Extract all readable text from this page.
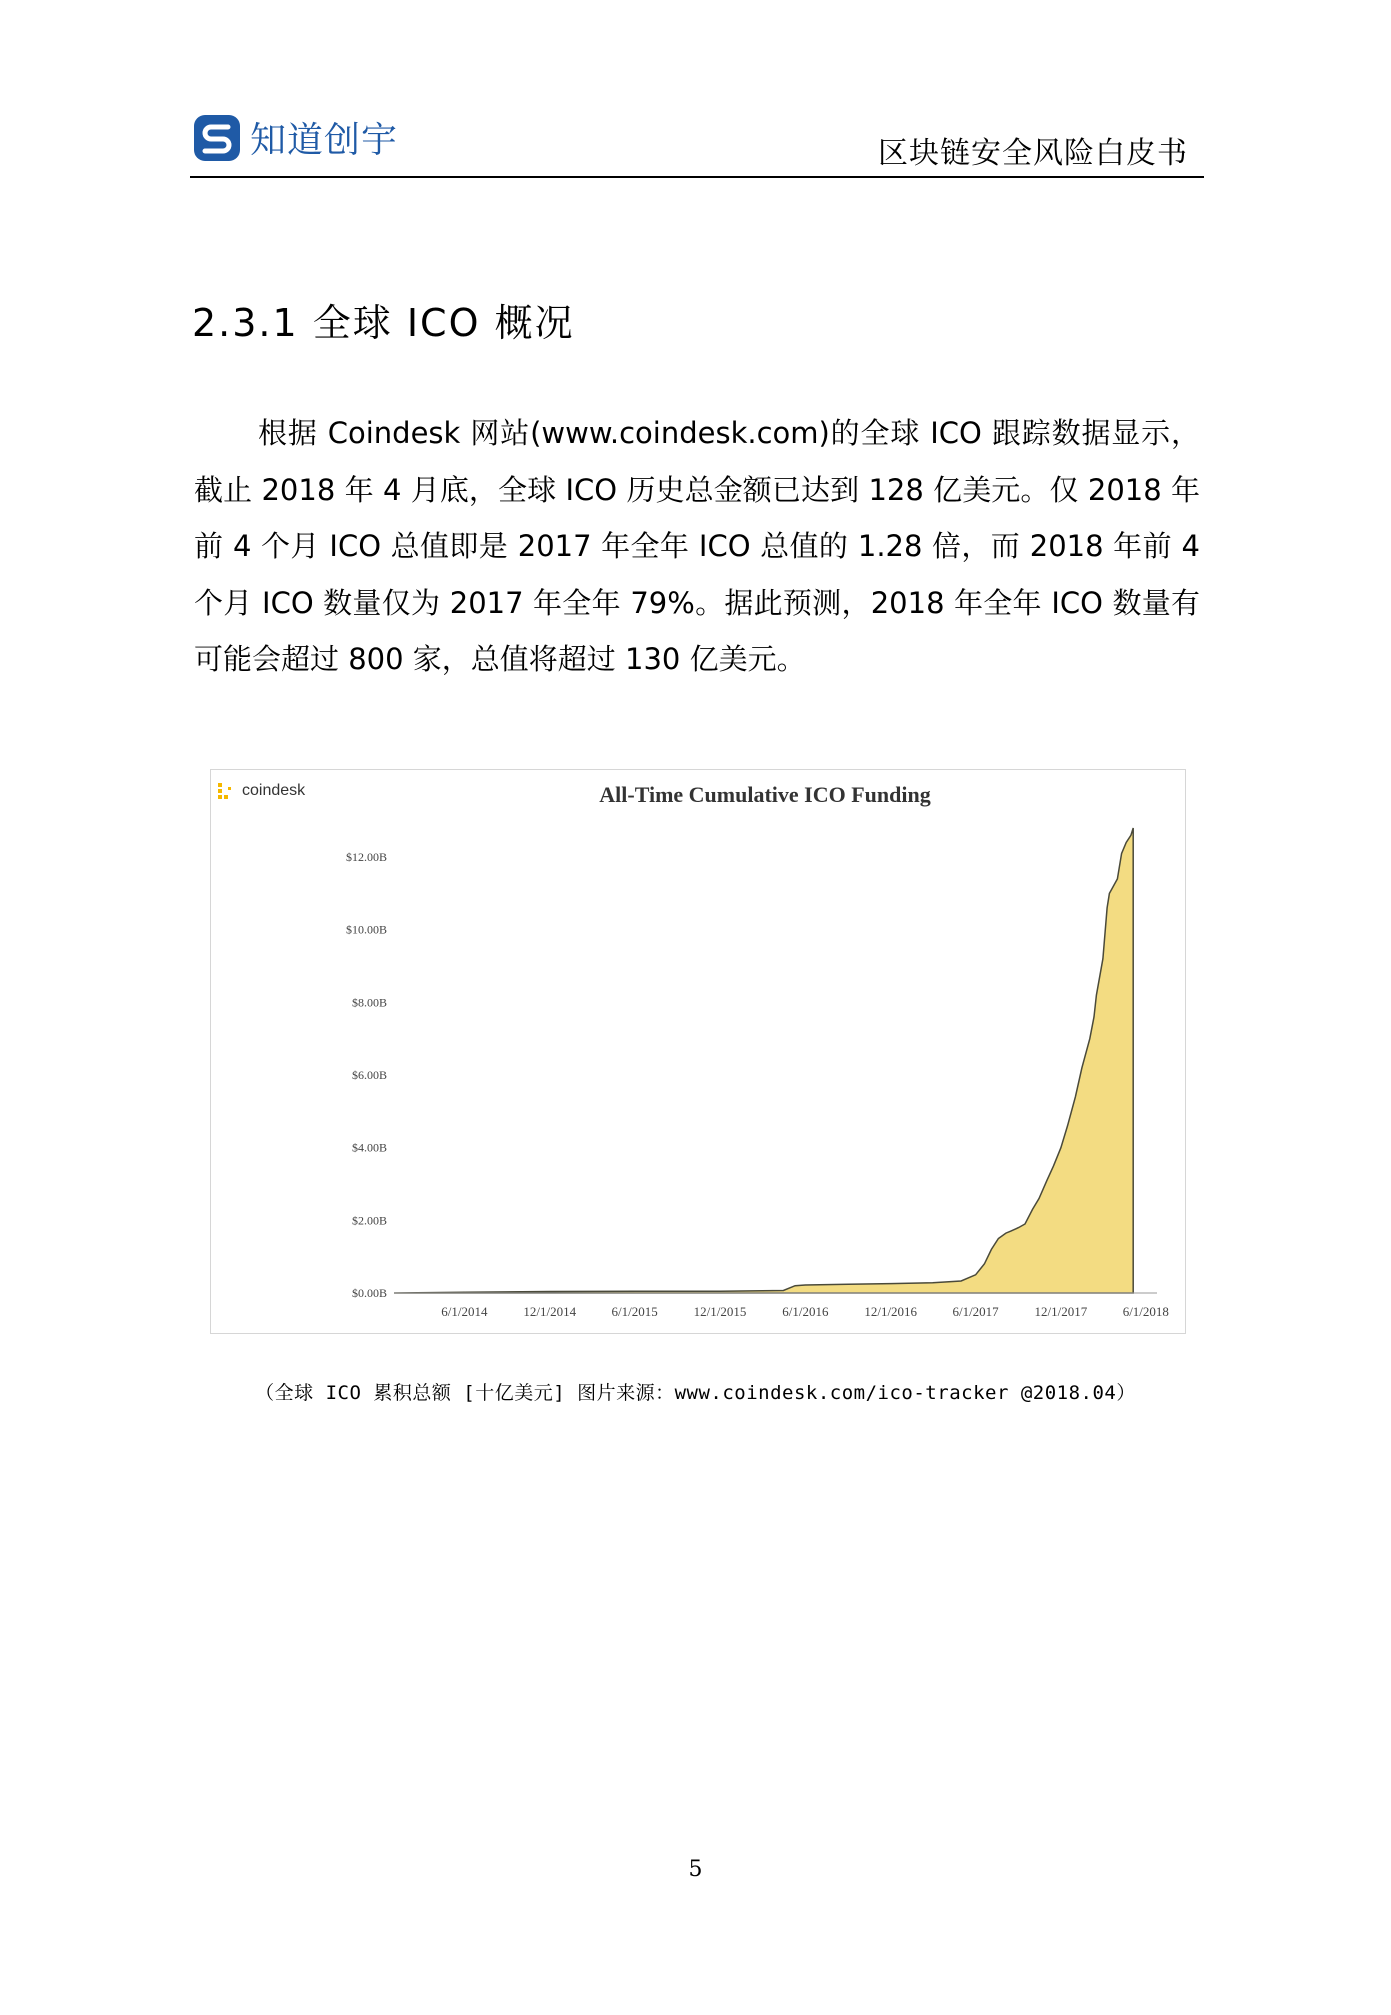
知道创宇	区块链安全风险白皮书
2.3.1 全球 ICO 概况

根据 Coindesk 网站(www.coindesk.com)的全球 ICO 跟踪数据显示，截止 2018 年 4 月底，全球 ICO 历史总金额已达到 128 亿美元。仅 2018 年前 4 个月 ICO 总值即是 2017 年全年 ICO 总值的 1.28 倍，而 2018 年前 4 个月 ICO 数量仅为 2017 年全年 79%。据此预测，2018 年全年 ICO 数量有可能会超过 800 家，总值将超过 130 亿美元。

coindesk	All-Time Cumulative ICO Funding
$0.00B
$2.00B
$4.00B
$6.00B
$8.00B
$10.00B
$12.00B
6/1/2014	12/1/2014	6/1/2015	12/1/2015	6/1/2016	12/1/2016	6/1/2017	12/1/2017	6/1/2018
（全球 ICO 累积总额 [十亿美元] 图片来源：www.coindesk.com/ico-tracker @2018.04）
5
